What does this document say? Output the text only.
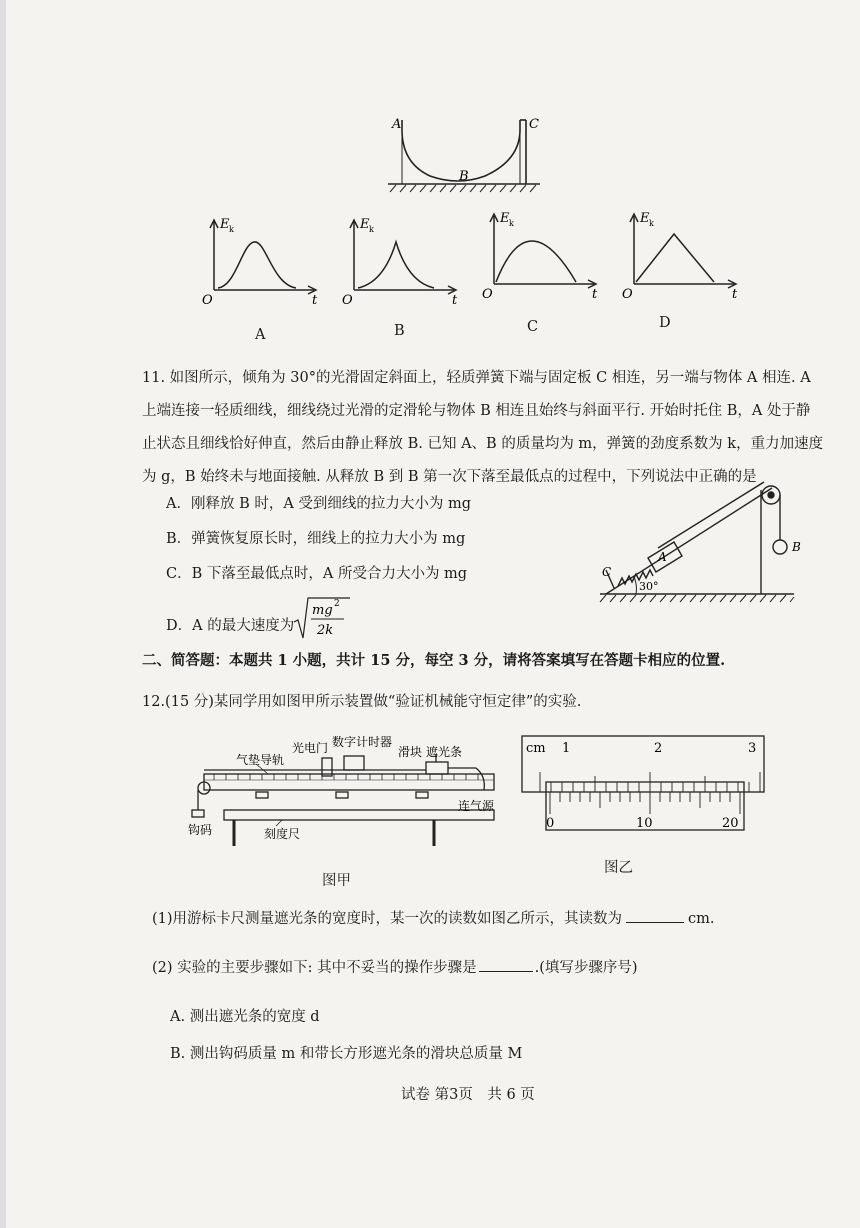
A	C
B
E k
O	t
E k
O	t
E k
O	t
E k
O	t
A	B	C	D
11. 如图所示，倾角为 30°的光滑固定斜面上，轻质弹簧下端与固定板 C 相连，另一端与物体 A 相连. A
上端连接一轻质细线，细线绕过光滑的定滑轮与物体 B 相连且始终与斜面平行. 开始时托住 B，A 处于静
止状态且细线恰好伸直，然后由静止释放 B. 已知 A、B 的质量均为 m，弹簧的劲度系数为 k，重力加速度
为 g，B 始终未与地面接触. 从释放 B 到 B 第一次下落至最低点的过程中，下列说法中正确的是
A．刚释放 B 时，A 受到细线的拉力大小为 mg
B．弹簧恢复原长时，细线上的拉力大小为 mg
C．B 下落至最低点时，A 所受合力大小为 mg
D．A 的最大速度为
mg 2
2k
C
A
B
30°
二、简答题：本题共 1 小题，共计 15 分，每空 3 分，请将答案填写在答题卡相应的位置.
12.(15 分)某同学用如图甲所示装置做“验证机械能守恒定律”的实验.
光电门 数字计时器
气垫导轨
滑块 遮光条
连气源
钩码	刻度尺
图甲
cm 1	2	3
0	10	20
图乙
(1)用游标卡尺测量遮光条的宽度时，某一次的读数如图乙所示，其读数为	cm.
(2) 实验的主要步骤如下: 其中不妥当的操作步骤是	.(填写步骤序号)
A. 测出遮光条的宽度 d
B. 测出钩码质量 m 和带长方形遮光条的滑块总质量 M
试卷 第3页　共 6 页
